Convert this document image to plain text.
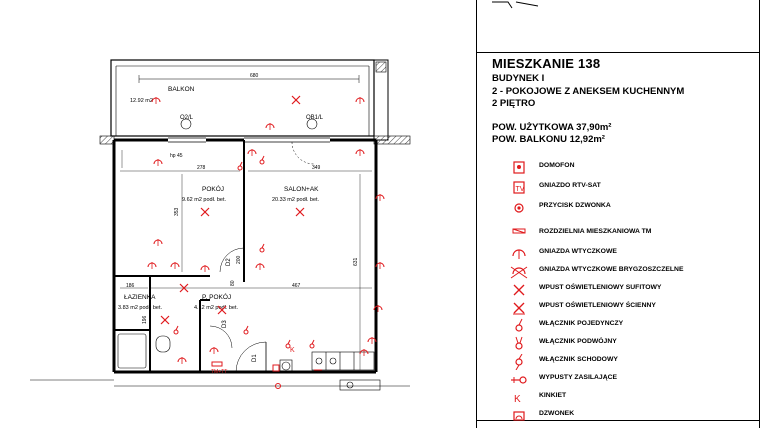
BALKON
12.92 m2
POKÓJ
9.62 m2 podł. bet.
SALON+AK
20.33 m2 podł. bet.
ŁAZIENKA
3.83 m2 podł. bet.
P. POKÓJ
4.12 m2 podł. bet.
680
278	349
353
631
467
186
hp 45
80
200
196
O2/L	OB1/L
D2
D1
D3
TM+TT
K
MIESZKANIE 138
BUDYNEK I
2 - POKOJOWE Z ANEKSEM KUCHENNYM
2 PIĘTRO
POW. UŻYTKOWA 37,90m²
POW. BALKONU 12,92m²
DOMOFON
TV
GNIAZDO RTV-SAT
PRZYCISK DZWONKA
ROZDZIELNIA MIESZKANIOWA TM
GNIAZDA WTYCZKOWE
GNIAZDA WTYCZKOWE BRYGZOSZCZELNE
WPUST OŚWIETLENIOWY SUFITOWY
WPUST OŚWIETLENIOWY ŚCIENNY
WŁĄCZNIK POJEDYNCZY
WŁĄCZNIK PODWÓJNY
WŁĄCZNIK SCHODOWY
WYPUSTY ZASILAJĄCE
K	KINKIET
DZWONEK
